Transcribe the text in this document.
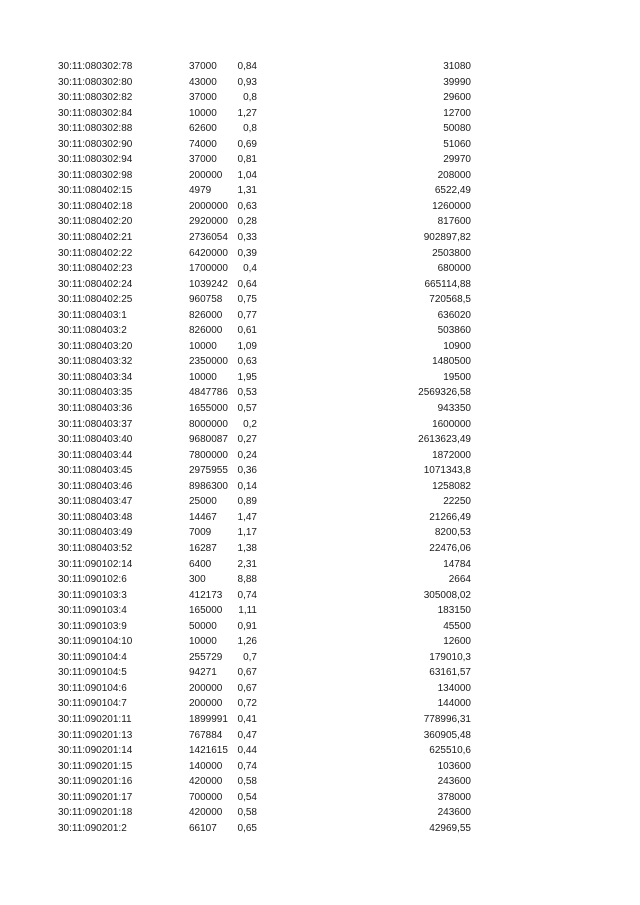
30:11:080302:78	37000 0,84	31080
30:11:080302:80	43000 0,93	39990
30:11:080302:82	37000	0,8	29600
30:11:080302:84	10000 1,27	12700
30:11:080302:88	62600	0,8	50080
30:11:080302:90	74000 0,69	51060
30:11:080302:94	37000 0,81	29970
30:11:080302:98	200000 1,04	208000
30:11:080402:15	4979	1,31	6522,49
30:11:080402:18	2000000 0,63	1260000
30:11:080402:20	2920000 0,28	817600
30:11:080402:21	2736054 0,33	902897,82
30:11:080402:22	6420000 0,39	2503800
30:11:080402:23	1700000 0,4	680000
30:11:080402:24	1039242 0,64	665114,88
30:11:080402:25	960758 0,75	720568,5
30:11:080403:1	826000 0,77	636020
30:11:080403:2	826000 0,61	503860
30:11:080403:20	10000 1,09	10900
30:11:080403:32	2350000 0,63	1480500
30:11:080403:34	10000 1,95	19500
30:11:080403:35	4847786 0,53	2569326,58
30:11:080403:36	1655000 0,57	943350
30:11:080403:37	8000000 0,2	1600000
30:11:080403:40	9680087 0,27	2613623,49
30:11:080403:44	7800000 0,24	1872000
30:11:080403:45	2975955 0,36	1071343,8
30:11:080403:46	8986300 0,14	1258082
30:11:080403:47	25000 0,89	22250
30:11:080403:48	14467 1,47	21266,49
30:11:080403:49	7009	1,17	8200,53
30:11:080403:52	16287 1,38	22476,06
30:11:090102:14	6400	2,31	14784
30:11:090102:6	300	8,88	2664
30:11:090103:3	412173 0,74	305008,02
30:11:090103:4	165000 1,11	183150
30:11:090103:9	50000 0,91	45500
30:11:090104:10	10000 1,26	12600
30:11:090104:4	255729 0,7	179010,3
30:11:090104:5	94271 0,67	63161,57
30:11:090104:6	200000 0,67	134000
30:11:090104:7	200000 0,72	144000
30:11:090201:11	1899991 0,41	778996,31
30:11:090201:13	767884 0,47	360905,48
30:11:090201:14	1421615 0,44	625510,6
30:11:090201:15	140000 0,74	103600
30:11:090201:16	420000 0,58	243600
30:11:090201:17	700000 0,54	378000
30:11:090201:18	420000 0,58	243600
30:11:090201:2	66107 0,65	42969,55
